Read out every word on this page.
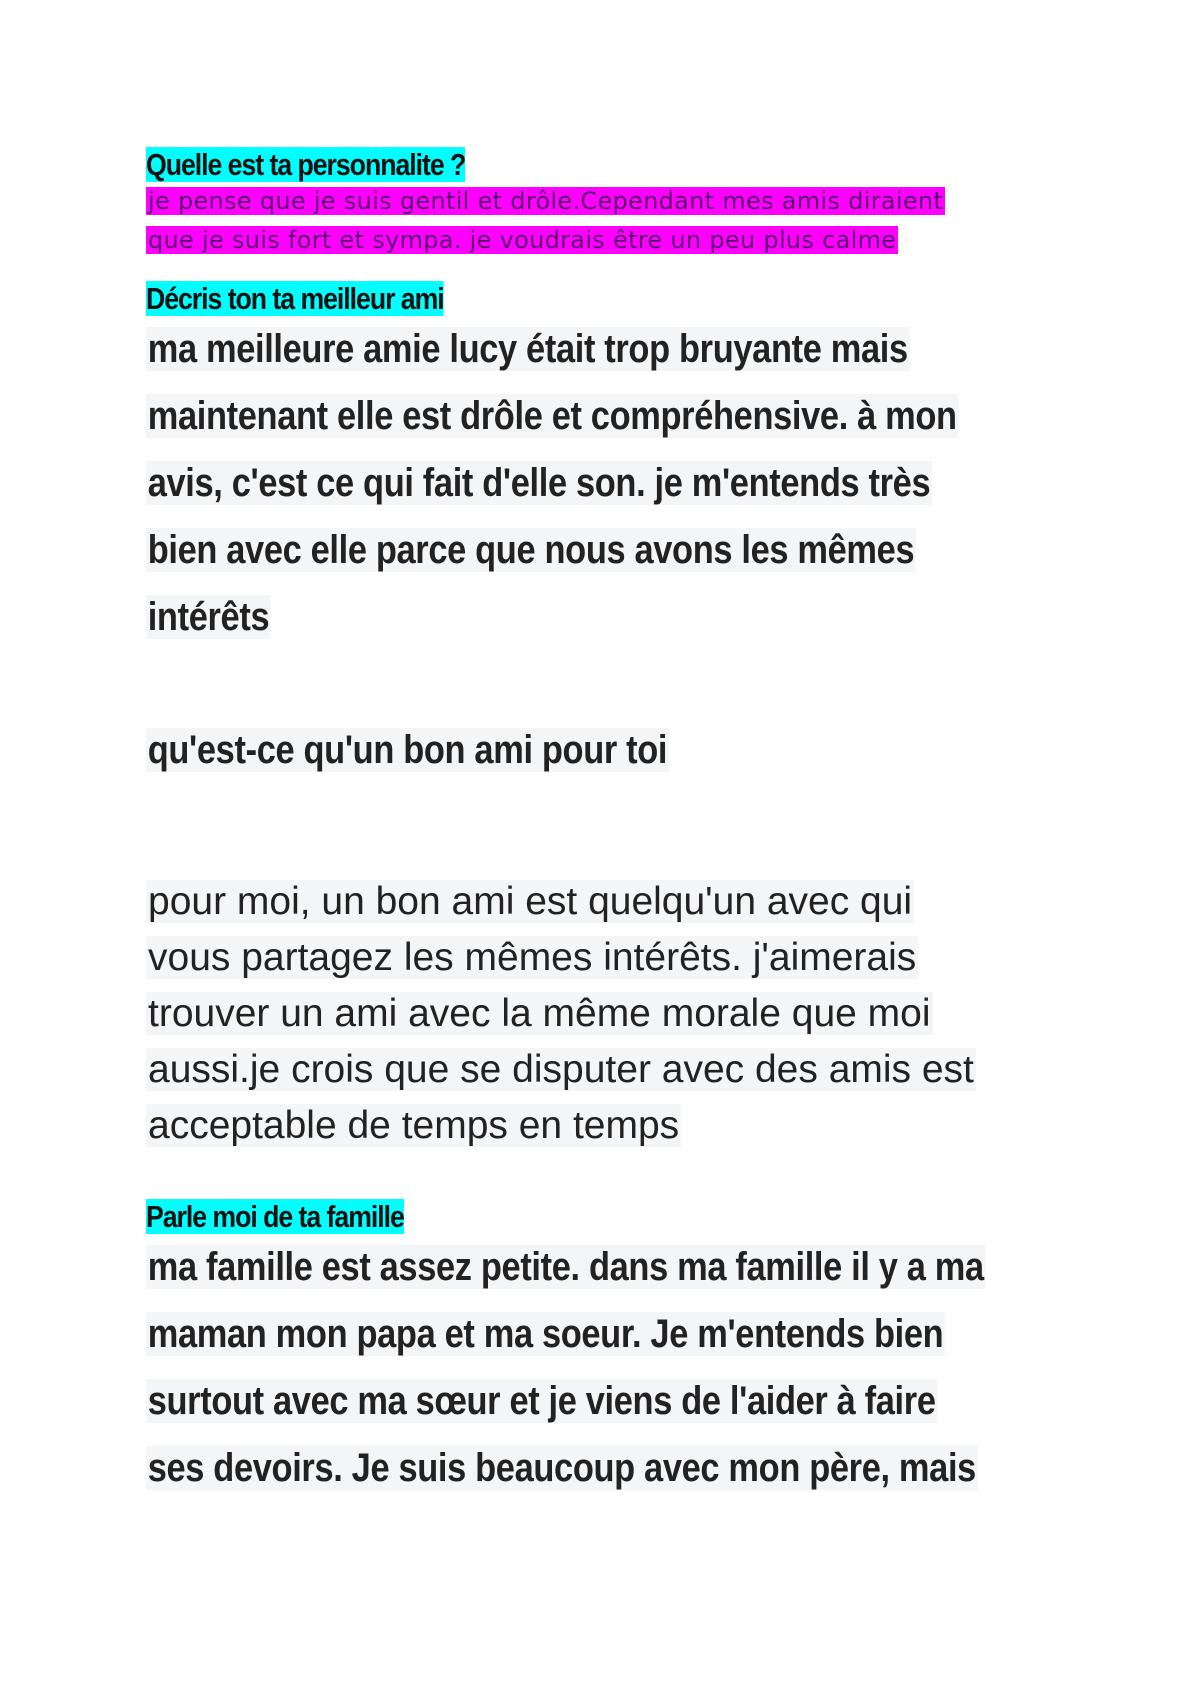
Quelle est ta personnalite ?
je pense que je suis gentil et drôle.Cependant mes amis diraient
que je suis fort et sympa. je voudrais être un peu plus calme
Décris ton ta meilleur ami
ma meilleure amie lucy était trop bruyante mais
maintenant elle est drôle et compréhensive. à mon
avis, c'est ce qui fait d'elle son. je m'entends très
bien avec elle parce que nous avons les mêmes
intérêts
qu'est-ce qu'un bon ami pour toi
pour moi, un bon ami est quelqu'un avec qui
vous partagez les mêmes intérêts. j'aimerais
trouver un ami avec la même morale que moi
aussi.je crois que se disputer avec des amis est
acceptable de temps en temps
Parle moi de ta famille
ma famille est assez petite. dans ma famille il y a ma
maman mon papa et ma soeur. Je m'entends bien
surtout avec ma sœur et je viens de l'aider à faire
ses devoirs. Je suis beaucoup avec mon père, mais
